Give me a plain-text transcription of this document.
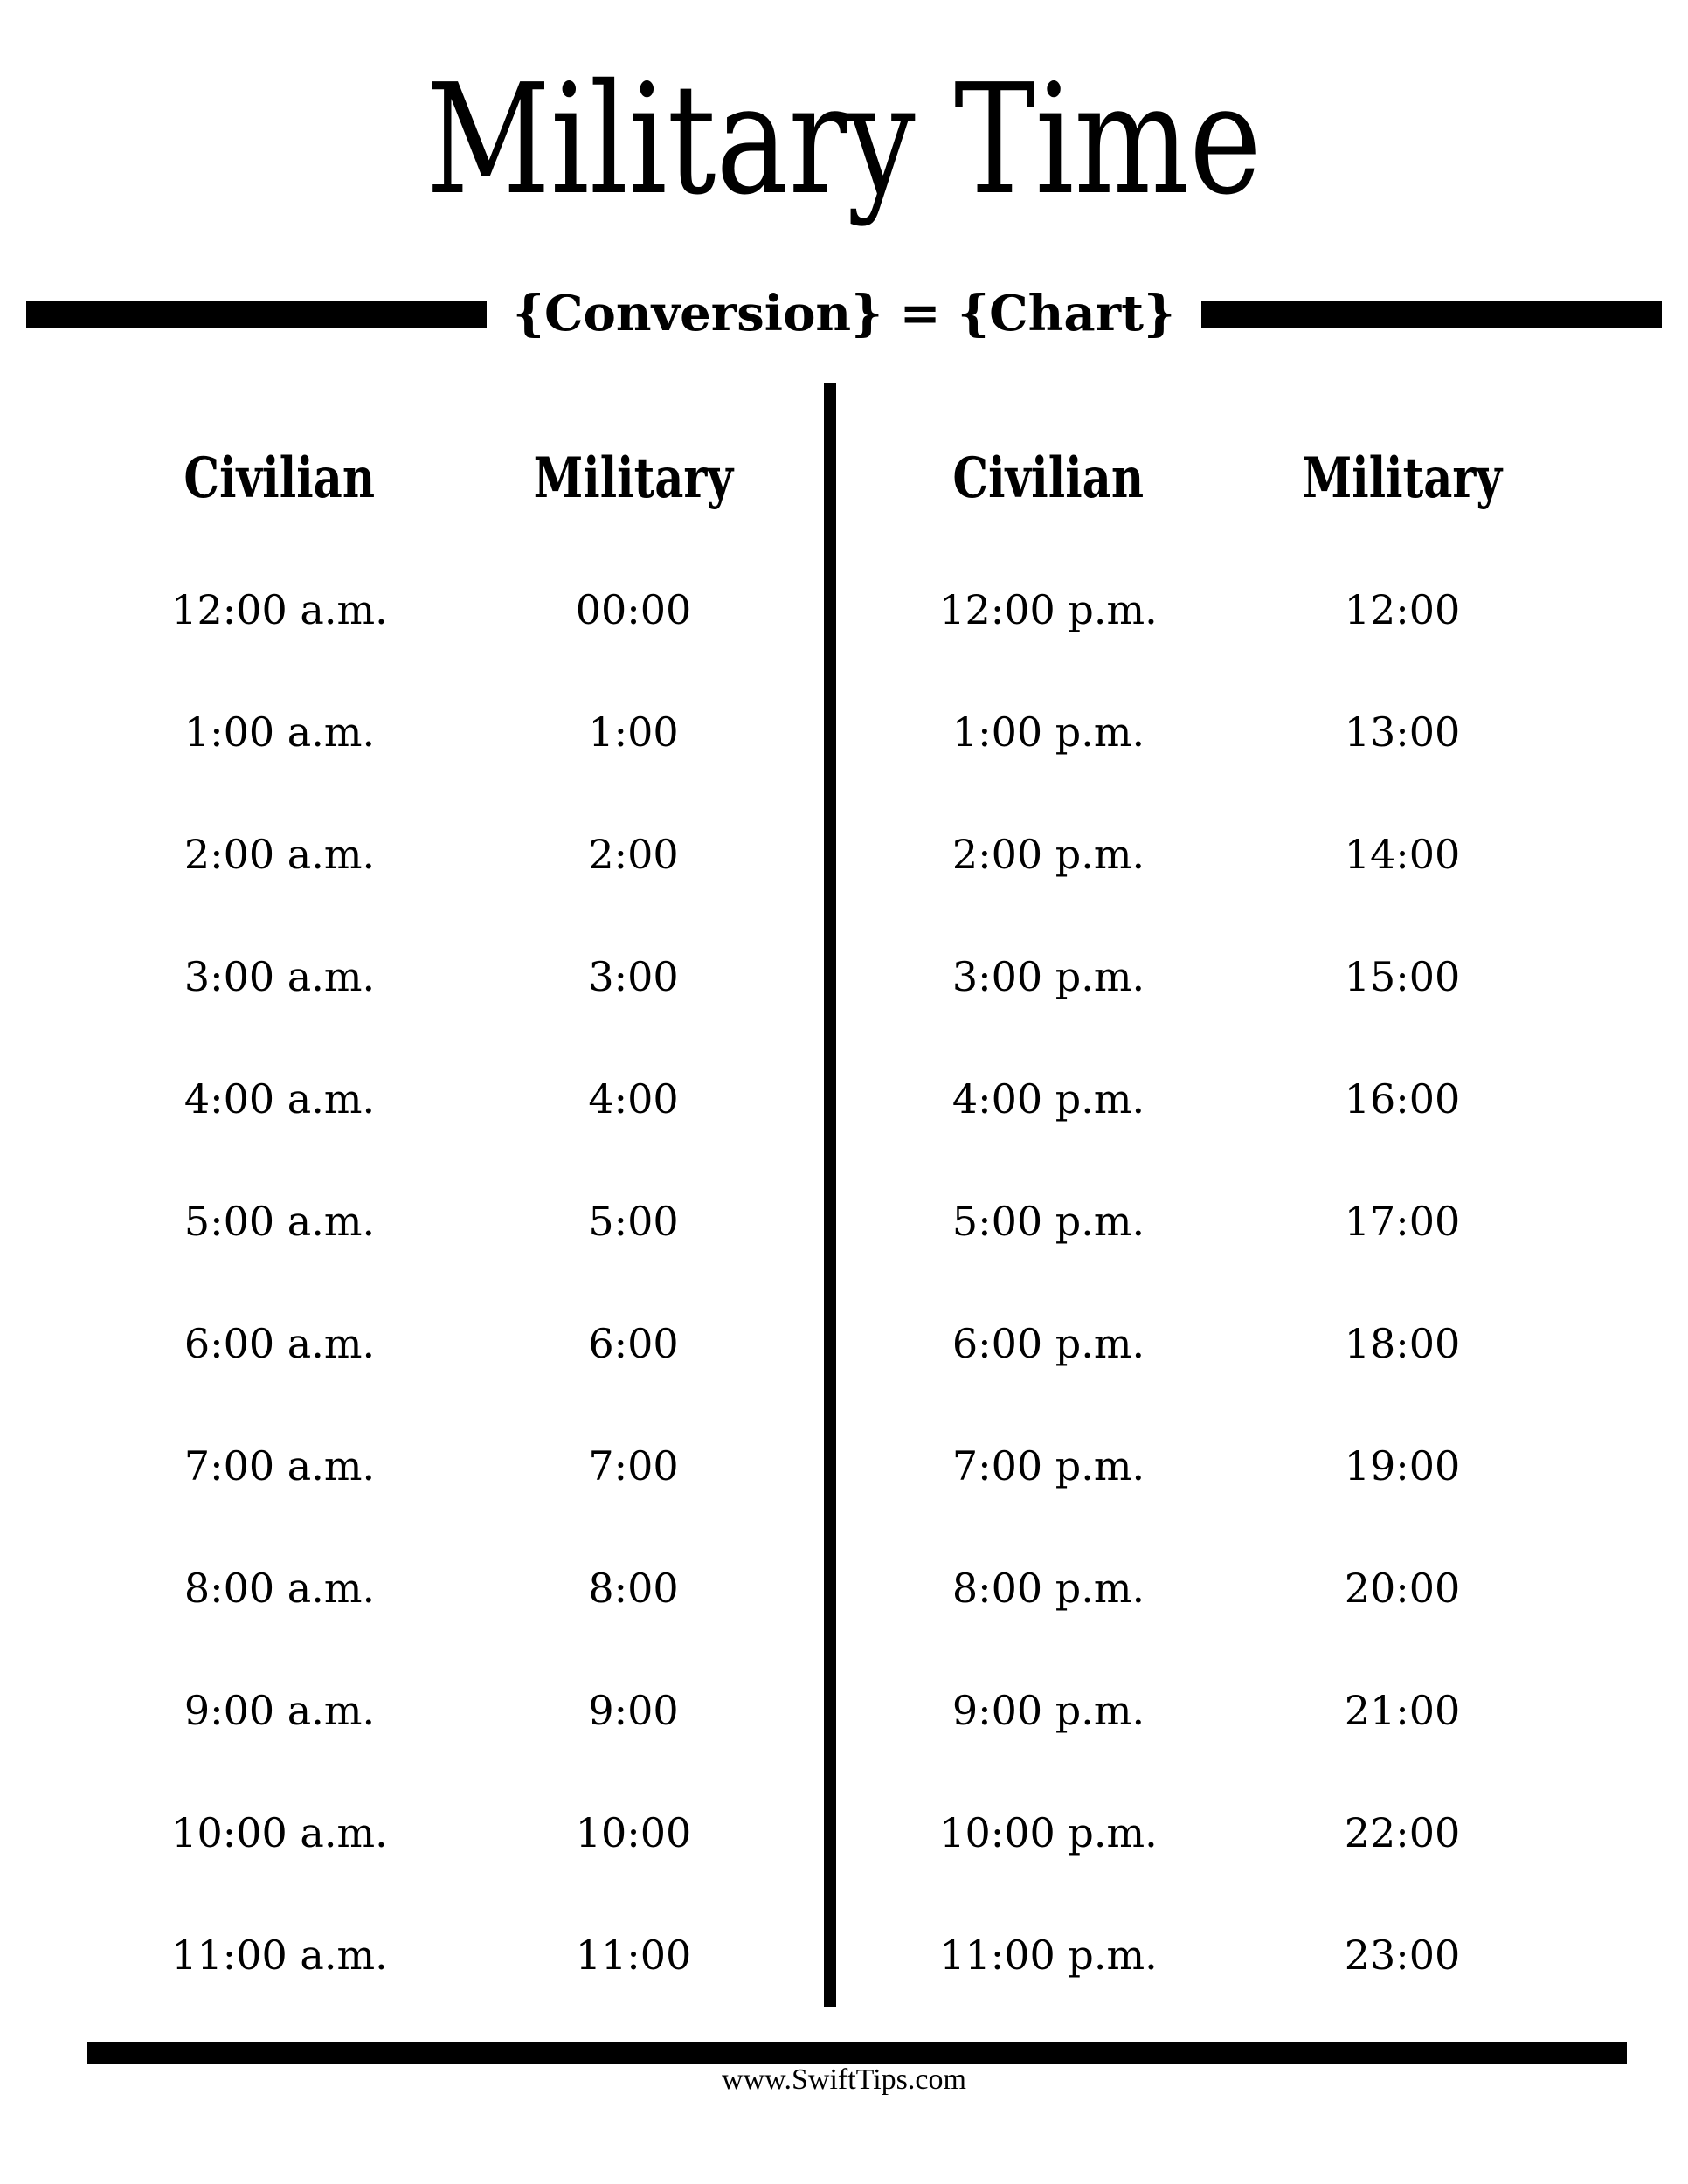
Military Time
{Conversion} = {Chart}
Civilian	Military
12:00 a.m.	00:00
1:00 a.m.	1:00
2:00 a.m.	2:00
3:00 a.m.	3:00
4:00 a.m.	4:00
5:00 a.m.	5:00
6:00 a.m.	6:00
7:00 a.m.	7:00
8:00 a.m.	8:00
9:00 a.m.	9:00
10:00 a.m.	10:00
11:00 a.m.	11:00
Civilian	Military
12:00 p.m.	12:00
1:00 p.m.	13:00
2:00 p.m.	14:00
3:00 p.m.	15:00
4:00 p.m.	16:00
5:00 p.m.	17:00
6:00 p.m.	18:00
7:00 p.m.	19:00
8:00 p.m.	20:00
9:00 p.m.	21:00
10:00 p.m.	22:00
11:00 p.m.	23:00
www.SwiftTips.com
